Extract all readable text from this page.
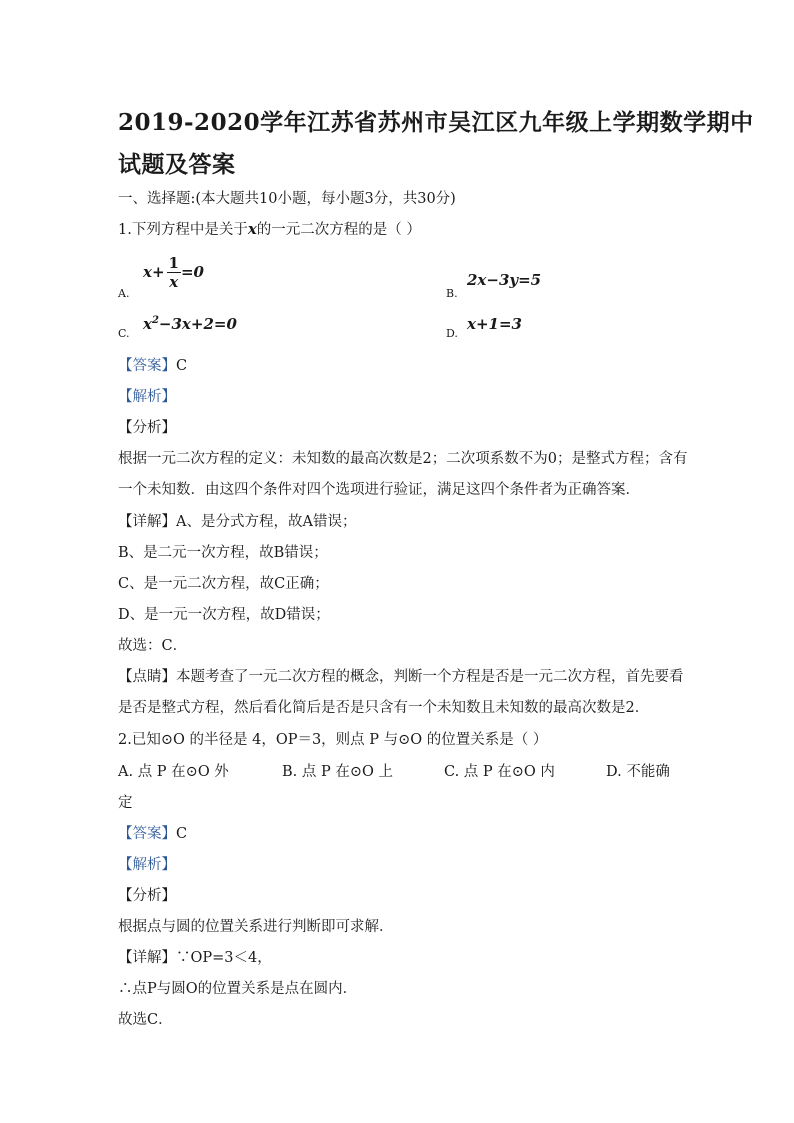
2019-2020学年江苏省苏州市吴江区九年级上学期数学期中
试题及答案
一、选择题:(本大题共10小题，每小题3分，共30分)
1.下列方程中是关于x的一元二次方程的是（ ）
A.
$x+ \frac{1}{x} =0$
B.
2x−3y=5
C.
$x^2-3x+2=0$
D.
x+1=3
【答案】C
【解析】
【分析】
根据一元二次方程的定义：未知数的最高次数是2；二次项系数不为0；是整式方程；含有
一个未知数．由这四个条件对四个选项进行验证，满足这四个条件者为正确答案．
【详解】A、是分式方程，故A错误；
B、是二元一次方程，故B错误；
C、是一元二次方程，故C正确；
D、是一元一次方程，故D错误；
故选：C．
【点睛】本题考查了一元二次方程的概念，判断一个方程是否是一元二次方程，首先要看
是否是整式方程，然后看化简后是否是只含有一个未知数且未知数的最高次数是2．
2.已知⊙O 的半径是 4，OP＝3，则点 P 与⊙O 的位置关系是（ ）
A. 点 P 在⊙O 外	B. 点 P 在⊙O 上	C. 点 P 在⊙O 内	D. 不能确
定
【答案】C
【解析】
【分析】
根据点与圆的位置关系进行判断即可求解．
【详解】∵OP=3＜4，
∴点P与圆O的位置关系是点在圆内．
故选C．
